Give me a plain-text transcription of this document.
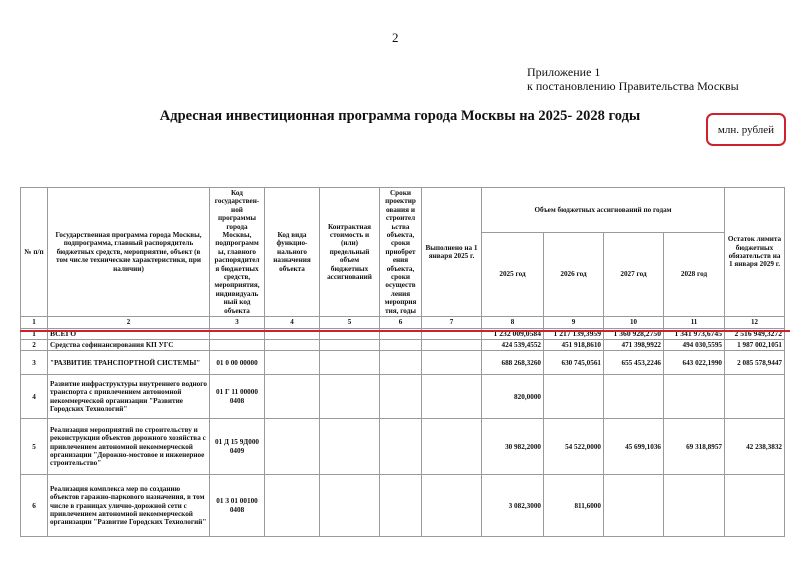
2
Приложение 1
к постановлению Правительства Москвы
Адресная инвестиционная программа города Москвы на 2025- 2028 годы
млн. рублей
№ п/п	Государственная программа города Москвы, подпрограмма, главный распорядитель бюджетных средств, мероприятие, объект (в том числе технические характеристики, при наличии)	Код государствен-ной программы города Москвы, подпрограмм ы, главного распорядител я бюджетных средств, мероприятия, индивидуаль ный код объекта	Код вида функцио-нального назначения объекта	Контрактная стоимость и (или) предельный объем бюджетных ассигнований	Сроки проектир ования и строител ьства объекта, сроки приобрет ения объекта, сроки осуществ ления мероприя тия, годы	Выполнено на 1 января 2025 г.	Объем бюджетных ассигнований по годам				Остаток лимита бюджетных обязательств на 1 января 2029 г.
							2025 год	2026 год	2027 год	2028 год	
1	2	3	4	5	6	7	8	9	10	11	12
1	ВСЕГО						1 232 009,0584	1 217 139,3959	1 360 928,2750	1 341 973,6745	2 516 949,3272
2	Средства софинансирования КП УГС						424 539,4552	451 918,8610	471 398,9922	494 030,5595	1 987 002,1051
3	"РАЗВИТИЕ ТРАНСПОРТНОЙ СИСТЕМЫ"	01 0 00 00000					688 268,3260	630 745,0561	655 453,2246	643 022,1990	2 085 578,9447
4	Развитие инфраструктуры внутреннего водного транспорта с привлечением автономной некоммерческой организации "Развитие Городских Технологий"	01 Г 11 00000 0408					820,0000				
5	Реализация мероприятий по строительству и реконструкции объектов дорожного хозяйства с привлечением автономной некоммерческой организации "Дорожно-мостовое и инженерное строительство"	01 Д 15 9Д000 0409					30 982,2000	54 522,0000	45 699,1036	69 318,8957	42 238,3832
6	Реализация комплекса мер по созданию объектов гаражно-паркового назначения, в том числе в границах улично-дорожной сети с привлечением автономной некоммерческой организации "Развитие Городских Технологий"	01 З 01 00100 0408					3 082,3000	811,6000			
